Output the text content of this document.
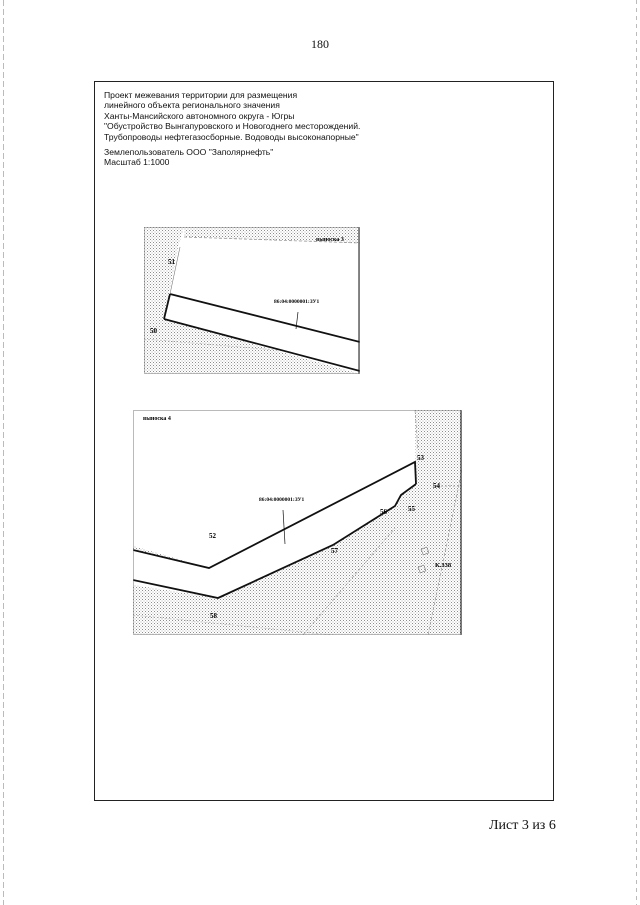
180
Проект межевания территории для размещения
линейного объекта регионального значения
Ханты-Мансийского автономного округа - Югры
"Обустройство Вынгапуровского и Новогоднего месторождений.
Трубопроводы нефтегазосборные. Водоводы высоконапорные"
Землепользователь ООО "Заполярнефть"
Масштаб 1:1000
выноска 3
51
50
86:04:0000001:ЗУ1
выноска 4
53
54
55
56
52
57
58
86:04:0000001:ЗУ1
К.338
Лист 3 из 6
